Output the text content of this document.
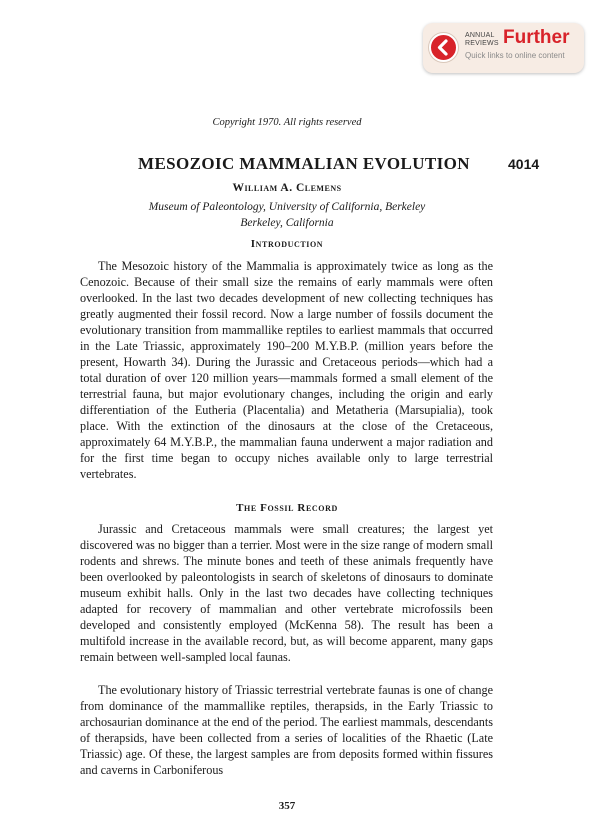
ANNUAL
REVIEWS Further
Quick links to online content
Copyright 1970. All rights reserved
MESOZOIC MAMMALIAN EVOLUTION	4014
William A. Clemens
Museum of Paleontology, University of California, Berkeley
Berkeley, California
Introduction

The Mesozoic history of the Mammalia is approximately twice as long as the Cenozoic. Because of their small size the remains of early mammals were often overlooked. In the last two decades development of new collecting techniques has greatly augmented their fossil record. Now a large number of fossils document the evolutionary transition from mammallike reptiles to earliest mammals that occurred in the Late Triassic, approximately 190–200 M.Y.B.P. (million years before the present, Howarth 34). During the Jurassic and Cretaceous periods—which had a total duration of over 120 million years—mammals formed a small element of the terrestrial fauna, but major evolutionary changes, including the origin and early differentiation of the Eutheria (Placentalia) and Metatheria (Marsupialia), took place. With the extinction of the dinosaurs at the close of the Cretaceous, approximately 64 M.Y.B.P., the mammalian fauna underwent a major radiation and for the first time began to occupy niches available only to large terrestrial vertebrates.

The Fossil Record

Jurassic and Cretaceous mammals were small creatures; the largest yet discovered was no bigger than a terrier. Most were in the size range of modern small rodents and shrews. The minute bones and teeth of these animals frequently have been overlooked by paleontologists in search of skeletons of dinosaurs to dominate museum exhibit halls. Only in the last two decades have collecting techniques adapted for recovery of mammalian and other vertebrate microfossils been developed and consistently employed (McKenna 58). The result has been a multifold increase in the available record, but, as will become apparent, many gaps remain between well-sampled local faunas.

The evolutionary history of Triassic terrestrial vertebrate faunas is one of change from dominance of the mammallike reptiles, therapsids, in the Early Triassic to archosaurian dominance at the end of the period. The earliest mammals, descendants of therapsids, have been collected from a series of localities of the Rhaetic (Late Triassic) age. Of these, the largest samples are from deposits formed within fissures and caverns in Carboniferous

357
